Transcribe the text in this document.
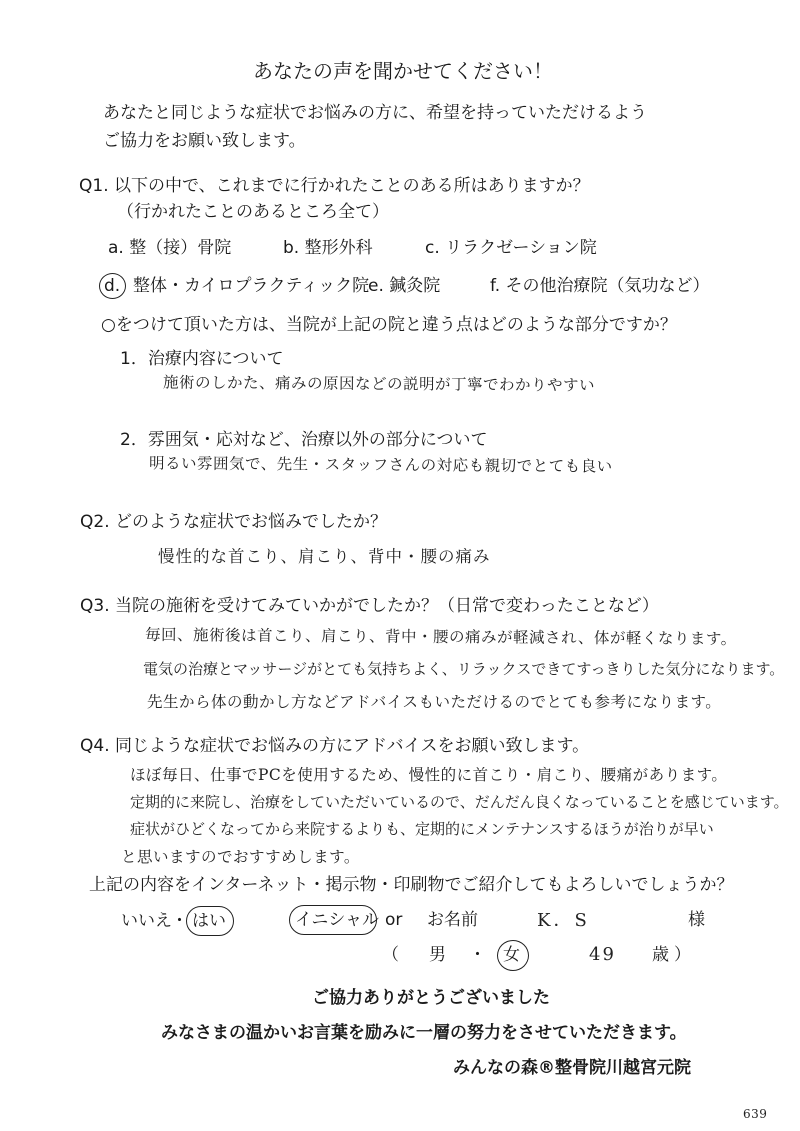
あなたの声を聞かせてください！
あなたと同じような症状でお悩みの方に、希望を持っていただけるよう
ご協力をお願い致します。
Q1. 以下の中で、これまでに行かれたことのある所はありますか？
（行かれたことのあるところ全て）
a. 整（接）骨院	b. 整形外科	c. リラクゼーション院
d. 整体・カイロプラクティック院
e. 鍼灸院	f. その他治療院（気功など）
○をつけて頂いた方は、当院が上記の院と違う点はどのような部分ですか？
1．治療内容について
施術のしかた、痛みの原因などの説明が丁寧でわかりやすい
2．雰囲気・応対など、治療以外の部分について
明るい雰囲気で、先生・スタッフさんの対応も親切でとても良い
Q2. どのような症状でお悩みでしたか？
慢性的な首こり、肩こり、背中・腰の痛み
Q3. 当院の施術を受けてみていかがでしたか？（日常で変わったことなど）
毎回、施術後は首こり、肩こり、背中・腰の痛みが軽減され、体が軽くなります。
電気の治療とマッサージがとても気持ちよく、リラックスできてすっきりした気分になります。
先生から体の動かし方などアドバイスもいただけるのでとても参考になります。
Q4. 同じような症状でお悩みの方にアドバイスをお願い致します。
ほぼ毎日、仕事でPCを使用するため、慢性的に首こり・肩こり、腰痛があります。
定期的に来院し、治療をしていただいているので、だんだん良くなっていることを感じています。
症状がひどくなってから来院するよりも、定期的にメンテナンスするほうが治りが早い
と思いますのでおすすめします。
上記の内容をインターネット・掲示物・印刷物でご紹介してもよろしいでしょうか？
いいえ ・ はい	イニシャル or お名前	K．S	様
（ 男 ・ 女	49 歳 ）
ご協力ありがとうございました
みなさまの温かいお言葉を励みに一層の努力をさせていただきます。
みんなの森®整骨院川越宮元院
639
